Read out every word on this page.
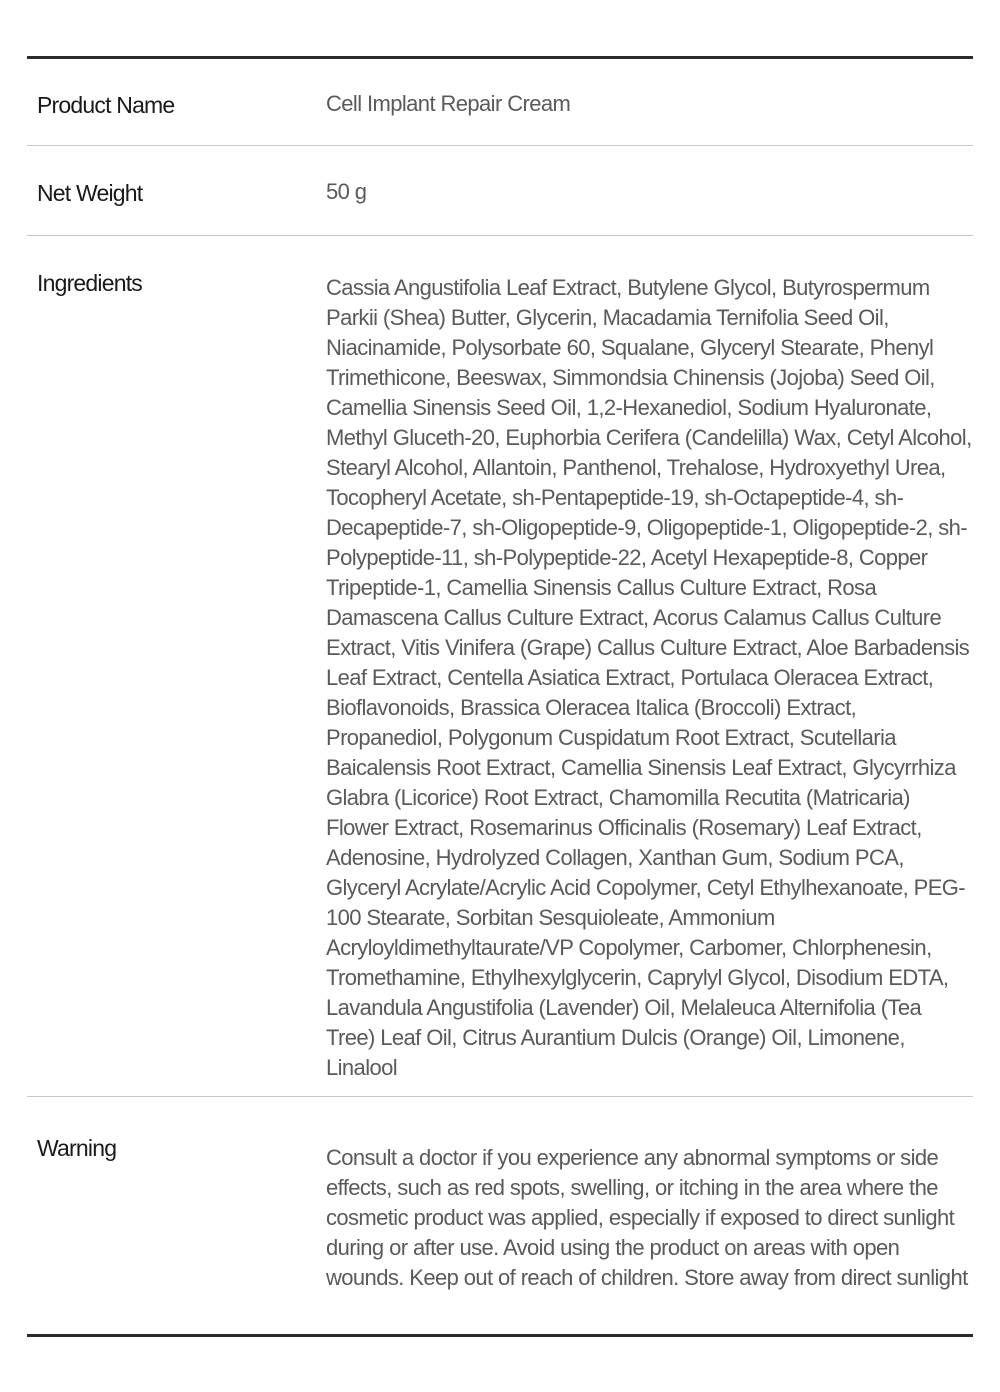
Product Name	Cell Implant Repair Cream
Net Weight	50 g
Ingredients	Cassia Angustifolia Leaf Extract, Butylene Glycol, Butyrospermum Parkii (Shea) Butter, Glycerin, Macadamia Ternifolia Seed Oil, Niacinamide, Polysorbate 60, Squalane, Glyceryl Stearate, Phenyl Trimethicone, Beeswax, Simmondsia Chinensis (Jojoba) Seed Oil, Camellia Sinensis Seed Oil, 1,2-Hexanediol, Sodium Hyaluronate, Methyl Gluceth-20, Euphorbia Cerifera (Candelilla) Wax, Cetyl Alcohol, Stearyl Alcohol, Allantoin, Panthenol, Trehalose, Hydroxyethyl Urea, Tocopheryl Acetate, sh-Pentapeptide-19, sh-Octapeptide-4, sh-Decapeptide-7, sh-Oligopeptide-9, Oligopeptide-1, Oligopeptide-2, sh-Polypeptide-11, sh-Polypeptide-22, Acetyl Hexapeptide-8, Copper Tripeptide-1, Camellia Sinensis Callus Culture Extract, Rosa Damascena Callus Culture Extract, Acorus Calamus Callus Culture Extract, Vitis Vinifera (Grape) Callus Culture Extract, Aloe Barbadensis Leaf Extract, Centella Asiatica Extract, Portulaca Oleracea Extract, Bioflavonoids, Brassica Oleracea Italica (Broccoli) Extract, Propanediol, Polygonum Cuspidatum Root Extract, Scutellaria Baicalensis Root Extract, Camellia Sinensis Leaf Extract, Glycyrrhiza Glabra (Licorice) Root Extract, Chamomilla Recutita (Matricaria) Flower Extract, Rosemarinus Officinalis (Rosemary) Leaf Extract, Adenosine, Hydrolyzed Collagen, Xanthan Gum, Sodium PCA, Glyceryl Acrylate/Acrylic Acid Copolymer, Cetyl Ethylhexanoate, PEG-100 Stearate, Sorbitan Sesquioleate, Ammonium Acryloyldimethyltaurate/VP Copolymer, Carbomer, Chlorphenesin, Tromethamine, Ethylhexylglycerin, Caprylyl Glycol, Disodium EDTA, Lavandula Angustifolia (Lavender) Oil, Melaleuca Alternifolia (Tea Tree) Leaf Oil, Citrus Aurantium Dulcis (Orange) Oil, Limonene, Linalool
Warning	Consult a doctor if you experience any abnormal symptoms or side effects, such as red spots, swelling, or itching in the area where the cosmetic product was applied, especially if exposed to direct sunlight during or after use. Avoid using the product on areas with open wounds. Keep out of reach of children. Store away from direct sunlight
